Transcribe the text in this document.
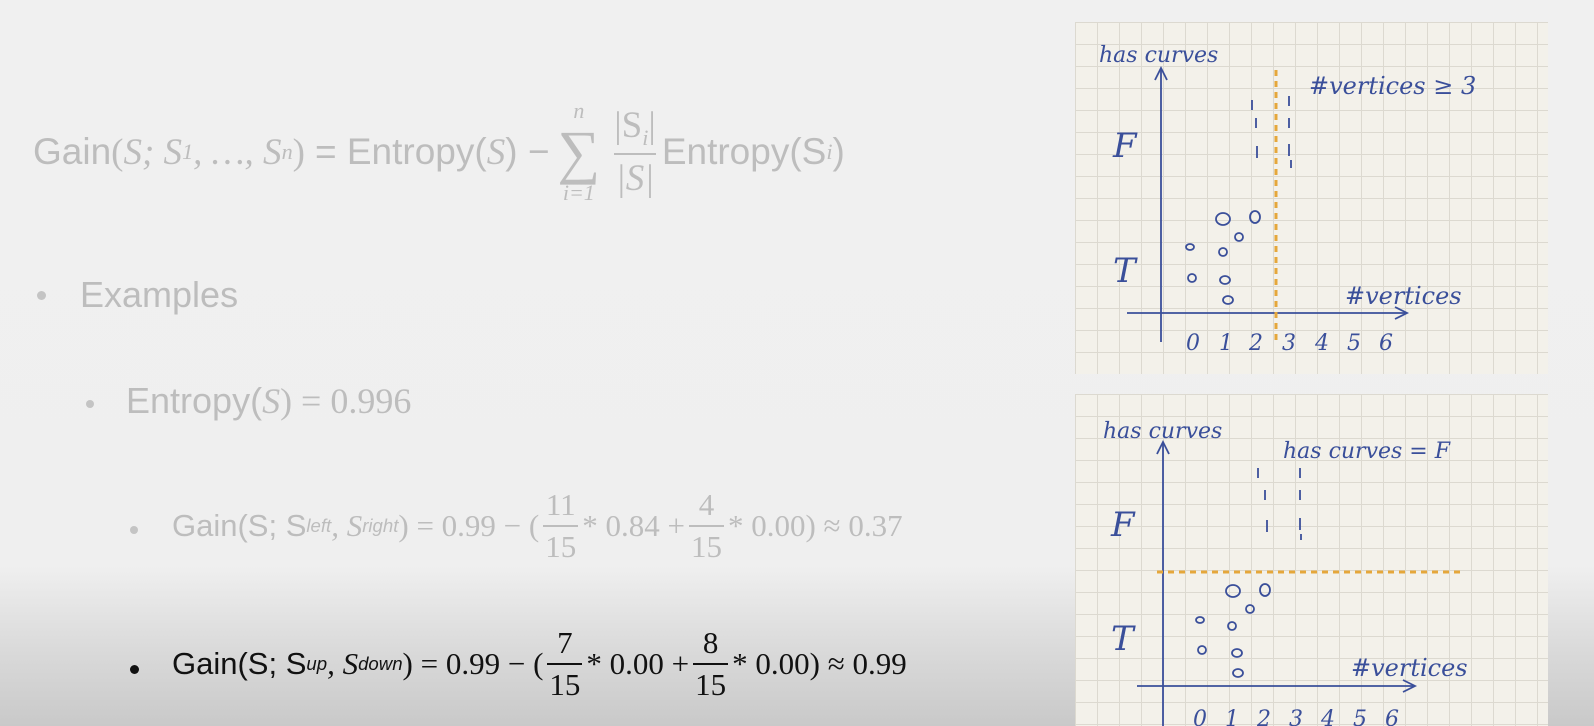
Gain ( S; S 1 , …, S n ) = Entropy( S ) −
n
∑
$i=1 \frac{|S_i|}{|S|}$ Entropy(S i )
Examples
Entropy( S ) = 0.996
Gain(S; S left , S right ) = 0.99 − ( $\frac{11}{15} * 0.84 + \frac{4}{15} * 0.00) \approx 0.37$
Gain(S; S up , S down ) = 0.99 − ( $\frac{7}{15} * 0.00 + \frac{8}{15} * 0.00) \approx 0.99$
F
T
has curves
#vertices ≥ 3
#vertices
0 1 2 3 4 5 6
has curves
has curves = F
F
T
#vertices
0 1 2 3 4 5 6
